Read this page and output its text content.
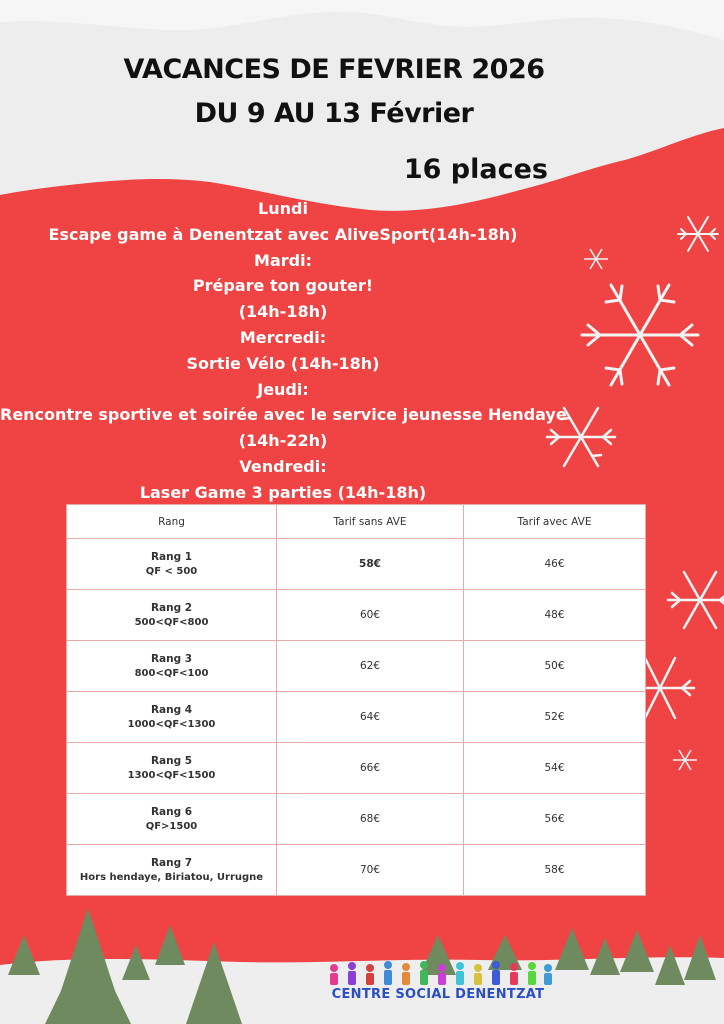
VACANCES DE FEVRIER 2026
DU 9 AU 13 Février
16 places
Lundi
Escape game à Denentzat avec AliveSport(14h-18h)
Mardi:
Prépare ton gouter!
(14h-18h)
Mercredi:
Sortie Vélo (14h-18h)
Jeudi:
Rencontre sportive et soirée avec le service jeunesse Hendaye
(14h-22h)
Vendredi:
Laser Game 3 parties (14h-18h)
Rang	Tarif sans AVE	Tarif avec AVE

Rang 1
QF < 500	58€	46€

Rang 2
500<QF<800	60€	48€

Rang 3
800<QF<100	62€	50€

Rang 4
1000<QF<1300	64€	52€

Rang 5
1300<QF<1500	66€	54€

Rang 6
QF>1500	68€	56€

Rang 7
Hors hendaye, Biriatou, Urrugne	70€	58€
CENTRE SOCIAL DENENTZAT
